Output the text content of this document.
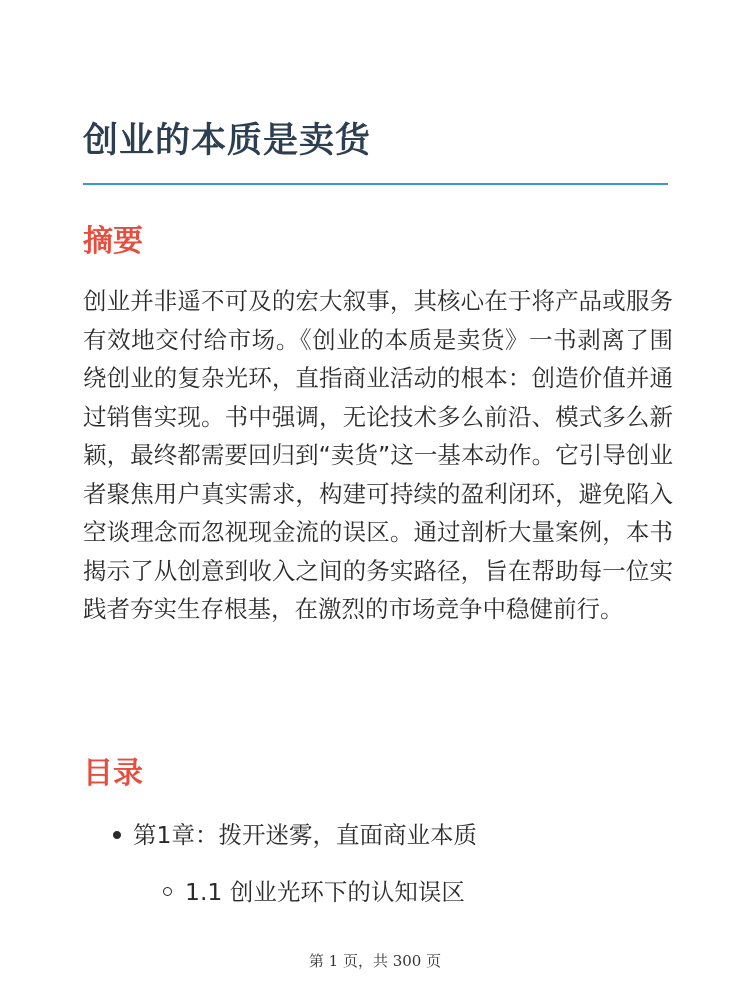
创业的本质是卖货
摘要

创业并非遥不可及的宏大叙事，其核心在于将产品或服务有效地交付给市场。《创业的本质是卖货》一书剥离了围绕创业的复杂光环，直指商业活动的根本：创造价值并通过销售实现。书中强调，无论技术多么前沿、模式多么新颖，最终都需要回归到“卖货”这一基本动作。它引导创业者聚焦用户真实需求，构建可持续的盈利闭环，避免陷入空谈理念而忽视现金流的误区。通过剖析大量案例，本书揭示了从创意到收入之间的务实路径，旨在帮助每一位实践者夯实生存根基，在激烈的市场竞争中稳健前行。

目录
第1章：拨开迷雾，直面商业本质
1.1 创业光环下的认知误区
第 1 页，共 300 页
